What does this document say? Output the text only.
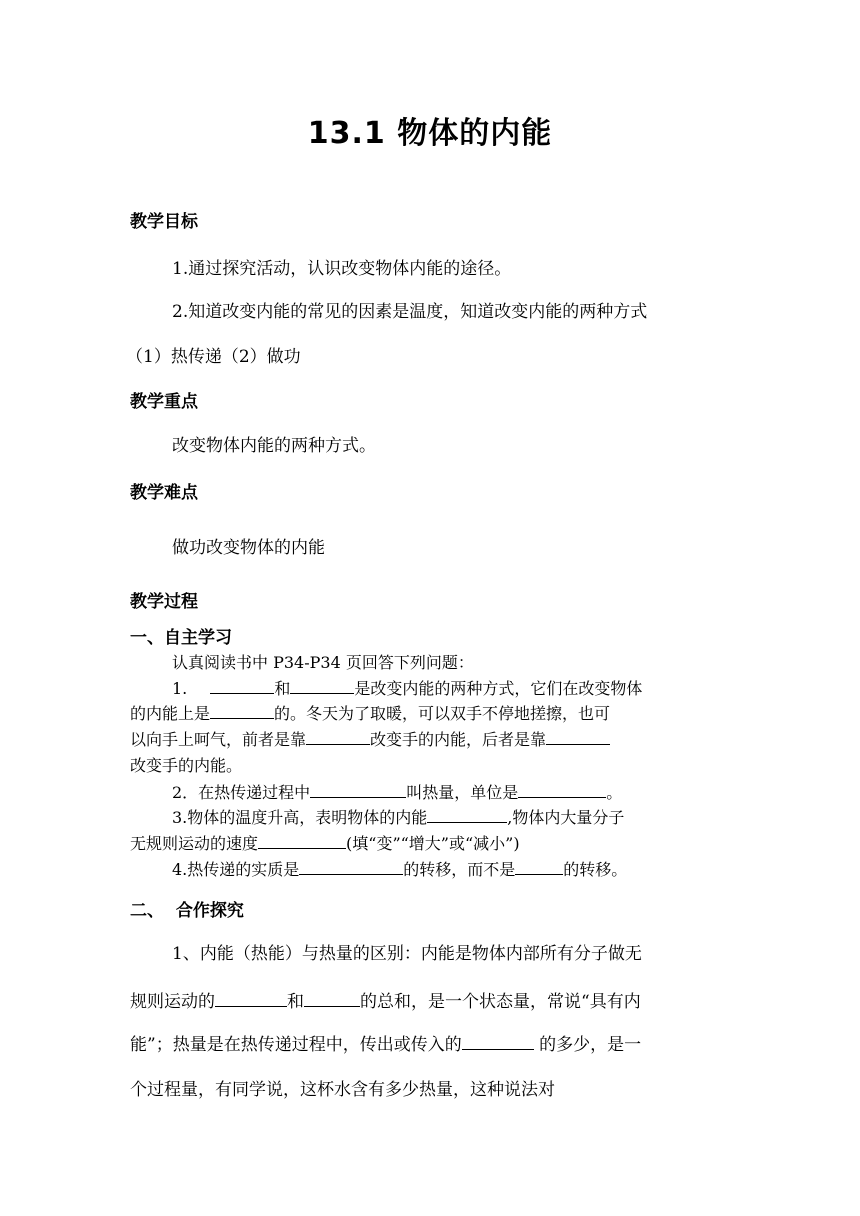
13.1 物体的内能
教学目标
1.通过探究活动，认识改变物体内能的途径。
2.知道改变内能的常见的因素是温度，知道改变内能的两种方式
（1）热传递（2）做功
教学重点
改变物体内能的两种方式。
教学难点
做功改变物体的内能
教学过程
一、自主学习
认真阅读书中 P34-P34 页回答下列问题：
1.	和	是改变内能的两种方式，它们在改变物体
的内能上是	的。冬天为了取暖，可以双手不停地搓擦，也可
以向手上呵气，前者是靠	改变手的内能，后者是靠
改变手的内能。
2．在热传递过程中	叫热量，单位是	。
3.物体的温度升高，表明物体的内能	,物体内大量分子
无规则运动的速度	(填“变”“增大”或“减小”)
4.热传递的实质是	的转移，而不是	的转移。
二、  合作探究
1、内能（热能）与热量的区别：内能是物体内部所有分子做无
规则运动的	和	的总和，是一个状态量，常说“具有内
能”；热量是在热传递过程中，传出或传入的	的多少，是一
个过程量，有同学说，这杯水含有多少热量，这种说法对
